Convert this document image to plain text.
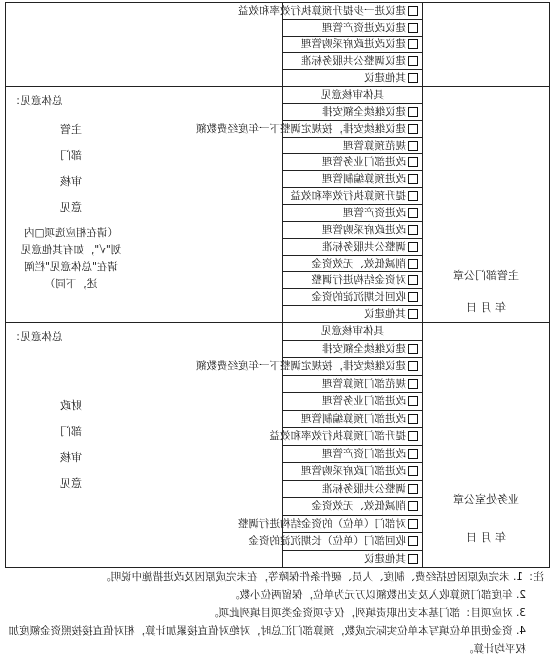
建议进一步提升预算执行效率和效益
建议改进资产管理
建议改进政府采购管理
建议调整公共服务标准
其他建议
主管部门公章
年 月 日
具体审核意见
建议继续全额安排
建议继续安排，按规定调整下一年度经费数额
规范预算管理
改进部门业务管理
改进预算编制管理
提升预算执行效率和效益
改进资产管理
改进政府采购管理
调整公共服务标准
削减低效、无效资金
对资金结构进行调整
收回长期沉淀的资金
其他建议
总体意见：
主管
部门
审核
意见
（请在相应选项□内划"√"，如有其他意见请在"总体意见"栏阐述，下同）
业务处室公章
年 月 日
具体审核意见
建议继续全额安排
建议继续安排，按规定调整下一年度经费数额
规范部门预算管理
改进部门业务管理
改进部门预算编制管理
提升部门预算执行效率和效益
改进部门资产管理
改进部门政府采购管理
调整公共服务标准
削减低效、无效资金
对部门（单位）的资金结构进行调整
收回部门（单位）长期沉淀的资金
其他建议
总体意见：
财政
部门
审核
意见

注：1. 未完成原因包括经费、制度、人员、硬件条件保障等，在未完成原因及改进措施中说明。

2. 年度部门预算收入及支出数额以万元为单位，保留两位小数。

3. 对应项目：部门基本支出职责填列，仅专项资金类项目填列此项。

4. 资金使用单位填写本单位实际完成数，预算部门汇总时，对绝对值直接累加计算，相对值直接按照资金额度加权平均计算。
